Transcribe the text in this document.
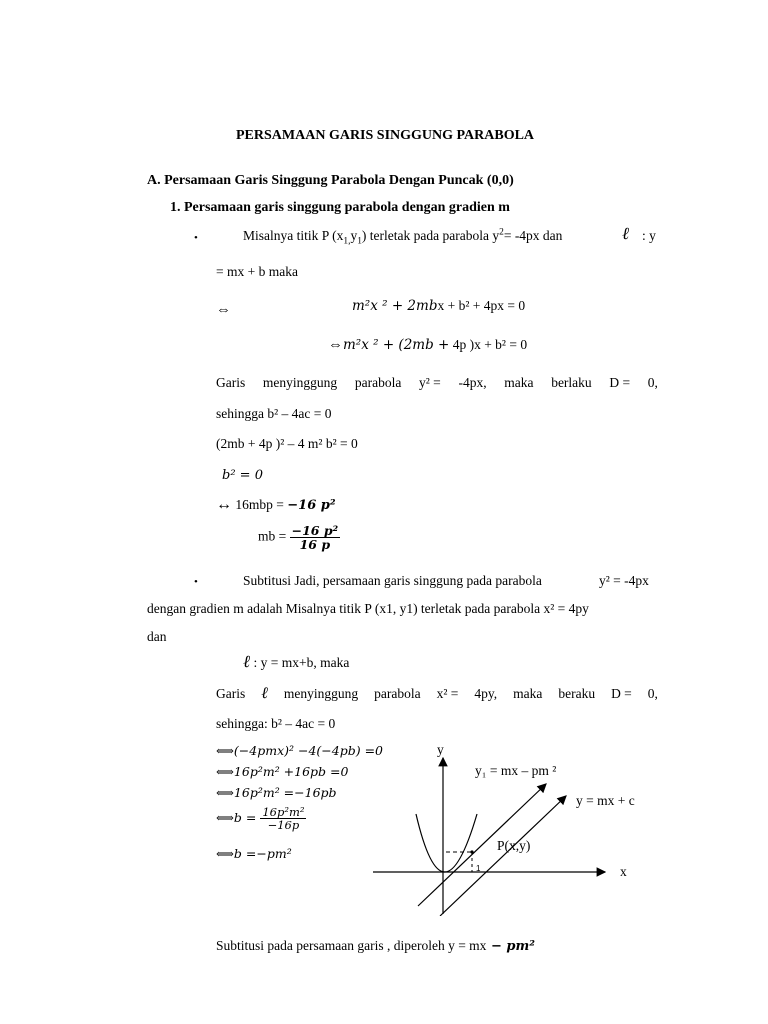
PERSAMAAN GARIS SINGGUNG PARABOLA
A. Persamaan Garis Singgung Parabola Dengan Puncak (0,0)
1. Persamaan garis singgung parabola dengan gradien m
•	Misalnya titik P $(x_{1,}y_1)$ terletak pada parabola $y^2= -4px$ dan	ℓ : y
= mx + b maka
⇔	m²x ² + 2mbx + b² + 4px = 0
⇔m²x ² + (2mb + 4p )x + b² = 0
Garis menyinggung parabola y² = -4px, maka berlaku D = 0,
sehingga b² – 4ac = 0
(2mb + 4p )² – 4 m² b² = 0
b² = 0
↔ 16mbp = −16 p²
mb = $\frac{\text{−16 p²}}{16 p}$
•	Subtitusi Jadi, persamaan garis singgung pada parabola	y² = -4px
dengan gradien m adalah Misalnya titik P (x1, y1) terletak pada parabola x² = 4py
dan
ℓ : y = mx+b, maka
Garis ℓ menyinggung parabola x² = 4py, maka beraku D = 0,
sehingga: b² – 4ac = 0
⟺(−4pmx)² −4(−4pb) =0
⟺16p²m² +16pb =0
⟺16p²m² =−16pb
⟺b = $\frac{\text{16p²m²}}{-16p}$
⟺b =−pm²
y
x
y₁ = mx – pm ²
y = mx + c
P(x,y)
1
Subtitusi pada persamaan garis , diperoleh y = mx − pm²
